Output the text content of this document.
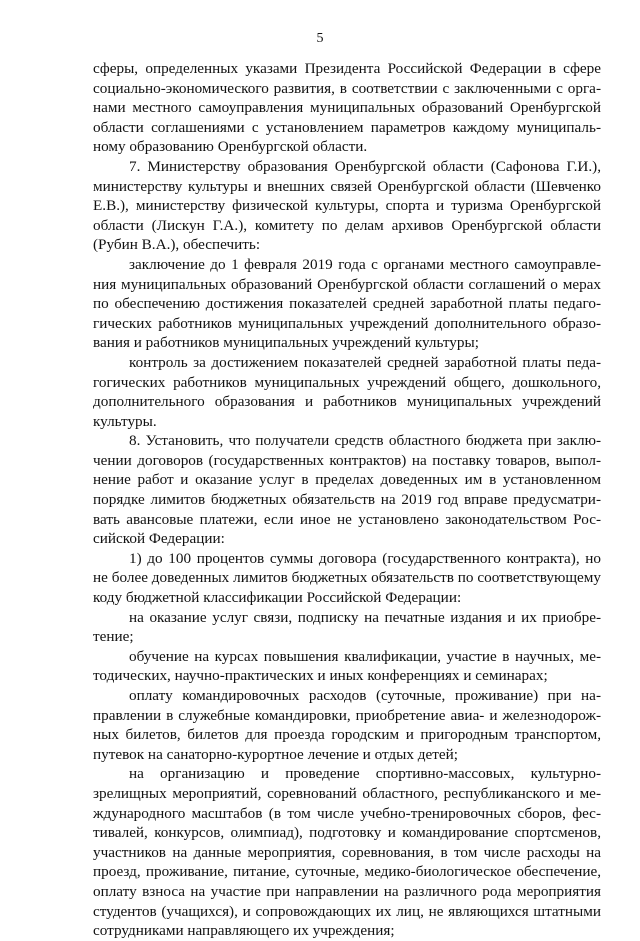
5

сферы, определенных указами Президента Российской Федерации в сфере социально-экономического развития, в соответствии с заключенными с органами местного самоуправления муниципальных образований Оренбургской области соглашениями с установлением параметров каждому муниципальному образованию Оренбургской области.

7. Министерству образования Оренбургской области (Сафонова Г.И.), министерству культуры и внешних связей Оренбургской области (Шевченко Е.В.), министерству физической культуры, спорта и туризма Оренбургской области (Лискун Г.А.), комитету по делам архивов Оренбургской области (Рубин В.А.), обеспечить:

заключение до 1 февраля 2019 года с органами местного самоуправления муниципальных образований Оренбургской области соглашений о мерах по обеспечению достижения показателей средней заработной платы педагогических работников муниципальных учреждений дополнительного образования и работников муниципальных учреждений культуры;

контроль за достижением показателей средней заработной платы педагогических работников муниципальных учреждений общего, дошкольного, дополнительного образования и работников муниципальных учреждений культуры.

8. Установить, что получатели средств областного бюджета при заключении договоров (государственных контрактов) на поставку товаров, выполнение работ и оказание услуг в пределах доведенных им в установленном порядке лимитов бюджетных обязательств на 2019 год вправе предусматривать авансовые платежи, если иное не установлено законодательством Российской Федерации:

1) до 100 процентов суммы договора (государственного контракта), но не более доведенных лимитов бюджетных обязательств по соответствующему коду бюджетной классификации Российской Федерации:

на оказание услуг связи, подписку на печатные издания и их приобретение;

обучение на курсах повышения квалификации, участие в научных, методических, научно-практических и иных конференциях и семинарах;

оплату командировочных расходов (суточные, проживание) при направлении в служебные командировки, приобретение авиа- и железнодорожных билетов, билетов для проезда городским и пригородным транспортом, путевок на санаторно-курортное лечение и отдых детей;

на организацию и проведение спортивно-массовых, культурно-зрелищных мероприятий, соревнований областного, республиканского и международного масштабов (в том числе учебно-тренировочных сборов, фестивалей, конкурсов, олимпиад), подготовку и командирование спортсменов, участников на данные мероприятия, соревнования, в том числе расходы на проезд, проживание, питание, суточные, медико-биологическое обеспечение, оплату взноса на участие при направлении на различного рода мероприятия студентов (учащихся), и сопровождающих их лиц, не являющихся штатными сотрудниками направляющего их учреждения;
